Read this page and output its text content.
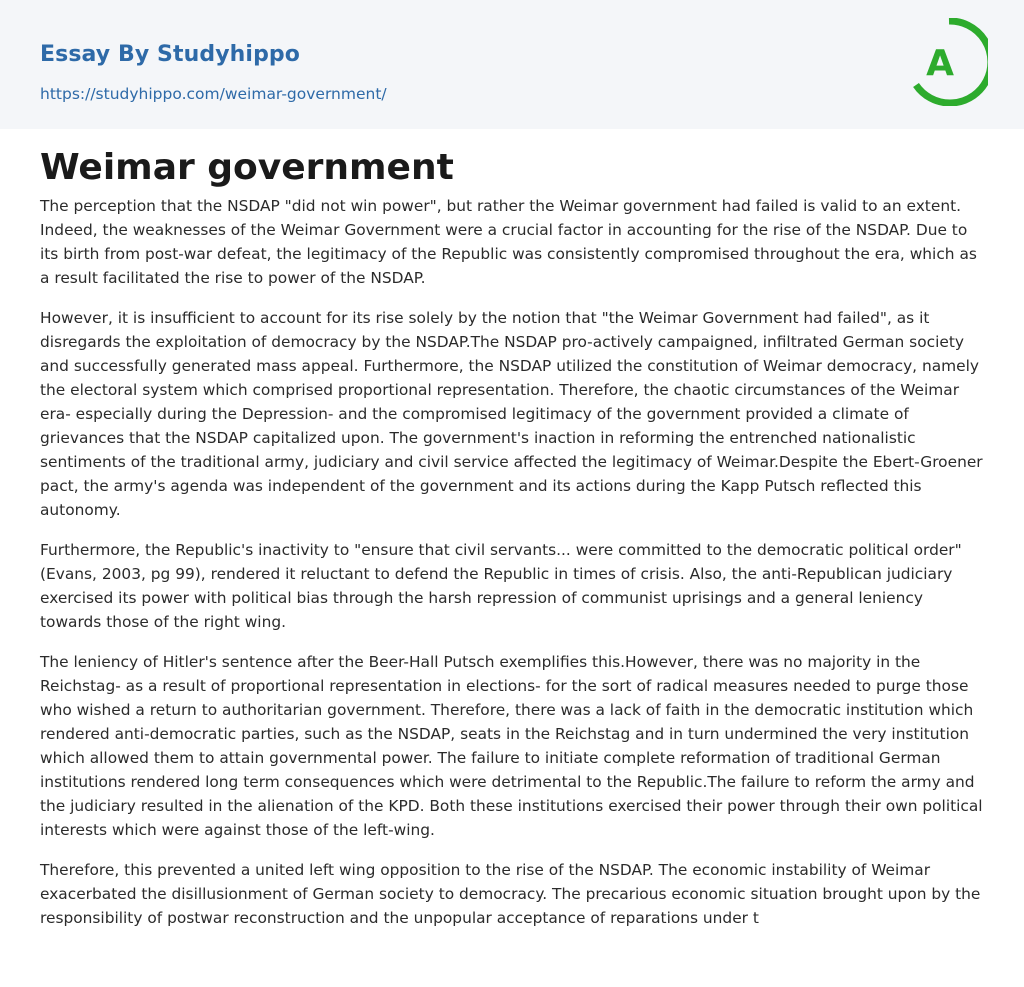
Essay By Studyhippo
https://studyhippo.com/weimar-government/
A
Weimar government

The perception that the NSDAP "did not win power", but rather the Weimar government had failed is valid to an extent. Indeed, the weaknesses of the Weimar Government were a crucial factor in accounting for the rise of the NSDAP. Due to its birth from post-war defeat, the legitimacy of the Republic was consistently compromised throughout the era, which as a result facilitated the rise to power of the NSDAP.

However, it is insufficient to account for its rise solely by the notion that "the Weimar Government had failed", as it disregards the exploitation of democracy by the NSDAP.The NSDAP pro-actively campaigned, infiltrated German society and successfully generated mass appeal. Furthermore, the NSDAP utilized the constitution of Weimar democracy, namely the electoral system which comprised proportional representation. Therefore, the chaotic circumstances of the Weimar era- especially during the Depression- and the compromised legitimacy of the government provided a climate of grievances that the NSDAP capitalized upon. The government's inaction in reforming the entrenched nationalistic sentiments of the traditional army, judiciary and civil service affected the legitimacy of Weimar.Despite the Ebert-Groener pact, the army's agenda was independent of the government and its actions during the Kapp Putsch reflected this autonomy.

Furthermore, the Republic's inactivity to "ensure that civil servants... were committed to the democratic political order" (Evans, 2003, pg 99), rendered it reluctant to defend the Republic in times of crisis. Also, the anti-Republican judiciary exercised its power with political bias through the harsh repression of communist uprisings and a general leniency towards those of the right wing.

The leniency of Hitler's sentence after the Beer-Hall Putsch exemplifies this.However, there was no majority in the Reichstag- as a result of proportional representation in elections- for the sort of radical measures needed to purge those who wished a return to authoritarian government. Therefore, there was a lack of faith in the democratic institution which rendered anti-democratic parties, such as the NSDAP, seats in the Reichstag and in turn undermined the very institution which allowed them to attain governmental power. The failure to initiate complete reformation of traditional German institutions rendered long term consequences which were detrimental to the Republic.The failure to reform the army and the judiciary resulted in the alienation of the KPD. Both these institutions exercised their power through their own political interests which were against those of the left-wing.

Therefore, this prevented a united left wing opposition to the rise of the NSDAP. The economic instability of Weimar exacerbated the disillusionment of German society to democracy. The precarious economic situation brought upon by the responsibility of postwar reconstruction and the unpopular acceptance of reparations under t
